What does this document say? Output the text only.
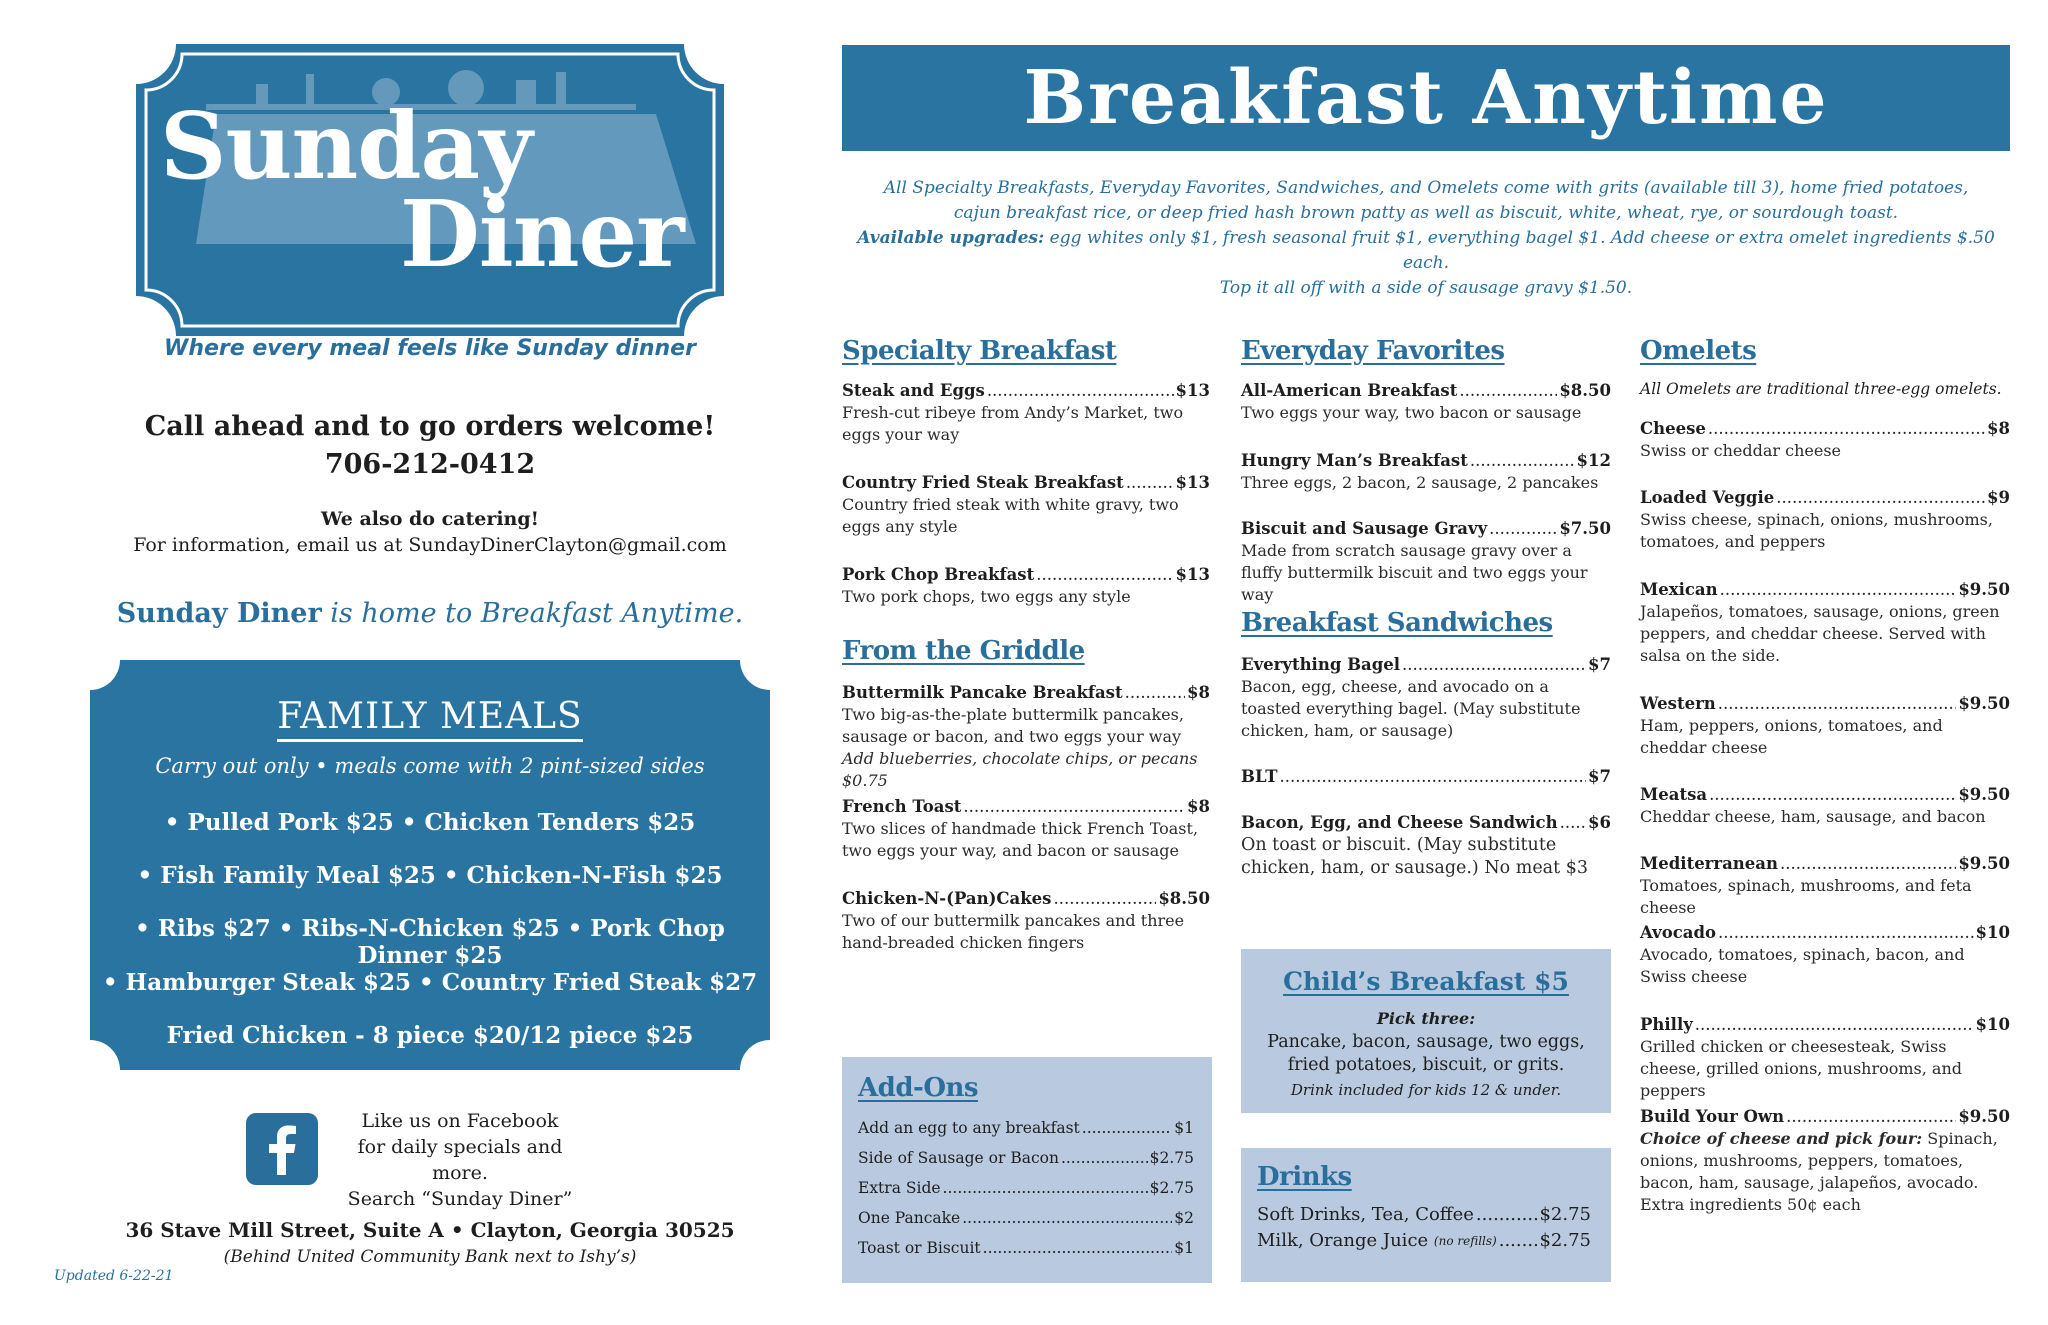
Sunday
Diner
Where every meal feels like Sunday dinner
Call ahead and to go orders welcome!
706-212-0412
We also do catering!
For information, email us at SundayDinerClayton@gmail.com
Sunday Diner is home to Breakfast Anytime.
FAMILY MEALS
Carry out only • meals come with 2 pint-sized sides
• Pulled Pork $25 • Chicken Tenders $25
• Fish Family Meal $25 • Chicken-N-Fish $25
• Ribs $27 • Ribs-N-Chicken $25 • Pork Chop Dinner $25
• Hamburger Steak $25 • Country Fried Steak $27
Fried Chicken - 8 piece $20/12 piece $25
Like us on Facebook
for daily specials and more.
Search “Sunday Diner”
36 Stave Mill Street, Suite A • Clayton, Georgia 30525
(Behind United Community Bank next to Ishy’s)
Updated 6-22-21
Breakfast Anytime
All Specialty Breakfasts, Everyday Favorites, Sandwiches, and Omelets come with grits (available till 3), home fried potatoes,
cajun breakfast rice, or deep fried hash brown patty as well as biscuit, white, wheat, rye, or sourdough toast.
Available upgrades: egg whites only $1, fresh seasonal fruit $1, everything bagel $1. Add cheese or extra omelet ingredients $.50 each.
Top it all off with a side of sausage gravy $1.50.
Specialty Breakfast
Steak and Eggs .....	$13
Fresh-cut ribeye from Andy’s Market, two eggs your way
Country Fried Steak Breakfast .....	$13
Country fried steak with white gravy, two eggs any style
Pork Chop Breakfast .....	$13
Two pork chops, two eggs any style
From the Griddle
Buttermilk Pancake Breakfast .....	$8
Two big-as-the-plate buttermilk pancakes, sausage or bacon, and two eggs your way
Add blueberries, chocolate chips, or pecans $0.75
French Toast .....	$8
Two slices of handmade thick French Toast, two eggs your way, and bacon or sausage
Chicken-N-(Pan)Cakes .....	$8.50
Two of our buttermilk pancakes and three hand-breaded chicken fingers
Add-Ons
Add an egg to any breakfast .....	$1
Side of Sausage or Bacon .....	$2.75
Extra Side .....	$2.75
One Pancake .....	$2
Toast or Biscuit .....	$1
Everyday Favorites
All-American Breakfast .....	$8.50
Two eggs your way, two bacon or sausage
Hungry Man’s Breakfast .....	$12
Three eggs, 2 bacon, 2 sausage, 2 pancakes
Biscuit and Sausage Gravy .....	$7.50
Made from scratch sausage gravy over a fluffy buttermilk biscuit and two eggs your way
Breakfast Sandwiches
Everything Bagel .....	$7
Bacon, egg, cheese, and avocado on a toasted everything bagel. (May substitute chicken, ham, or sausage)
BLT .....	$7
Bacon, Egg, and Cheese Sandwich ..... $6
On toast or biscuit. (May substitute chicken, ham, or sausage.) No meat $3
Child’s Breakfast $5
Pick three:
Pancake, bacon, sausage, two eggs, fried potatoes, biscuit, or grits.
Drink included for kids 12 & under.
Drinks
Soft Drinks, Tea, Coffee .....	$2.75
Milk, Orange Juice
(no refills) ..... $2.75
Omelets
All Omelets are traditional three-egg omelets.
Cheese .....	$8
Swiss or cheddar cheese
Loaded Veggie .....	$9
Swiss cheese, spinach, onions, mushrooms, tomatoes, and peppers
Mexican .....	$9.50
Jalapeños, tomatoes, sausage, onions, green peppers, and cheddar cheese. Served with salsa on the side.
Western .....	$9.50
Ham, peppers, onions, tomatoes, and cheddar cheese
Meatsa .....	$9.50
Cheddar cheese, ham, sausage, and bacon
Mediterranean .....	$9.50
Tomatoes, spinach, mushrooms, and feta cheese
Avocado .....	$10
Avocado, tomatoes, spinach, bacon, and Swiss cheese
Philly .....	$10
Grilled chicken or cheesesteak, Swiss cheese, grilled onions, mushrooms, and peppers
Build Your Own .....	$9.50
Choice of cheese and pick four: Spinach, onions, mushrooms, peppers, tomatoes, bacon, ham, sausage, jalapeños, avocado. Extra ingredients 50¢ each
